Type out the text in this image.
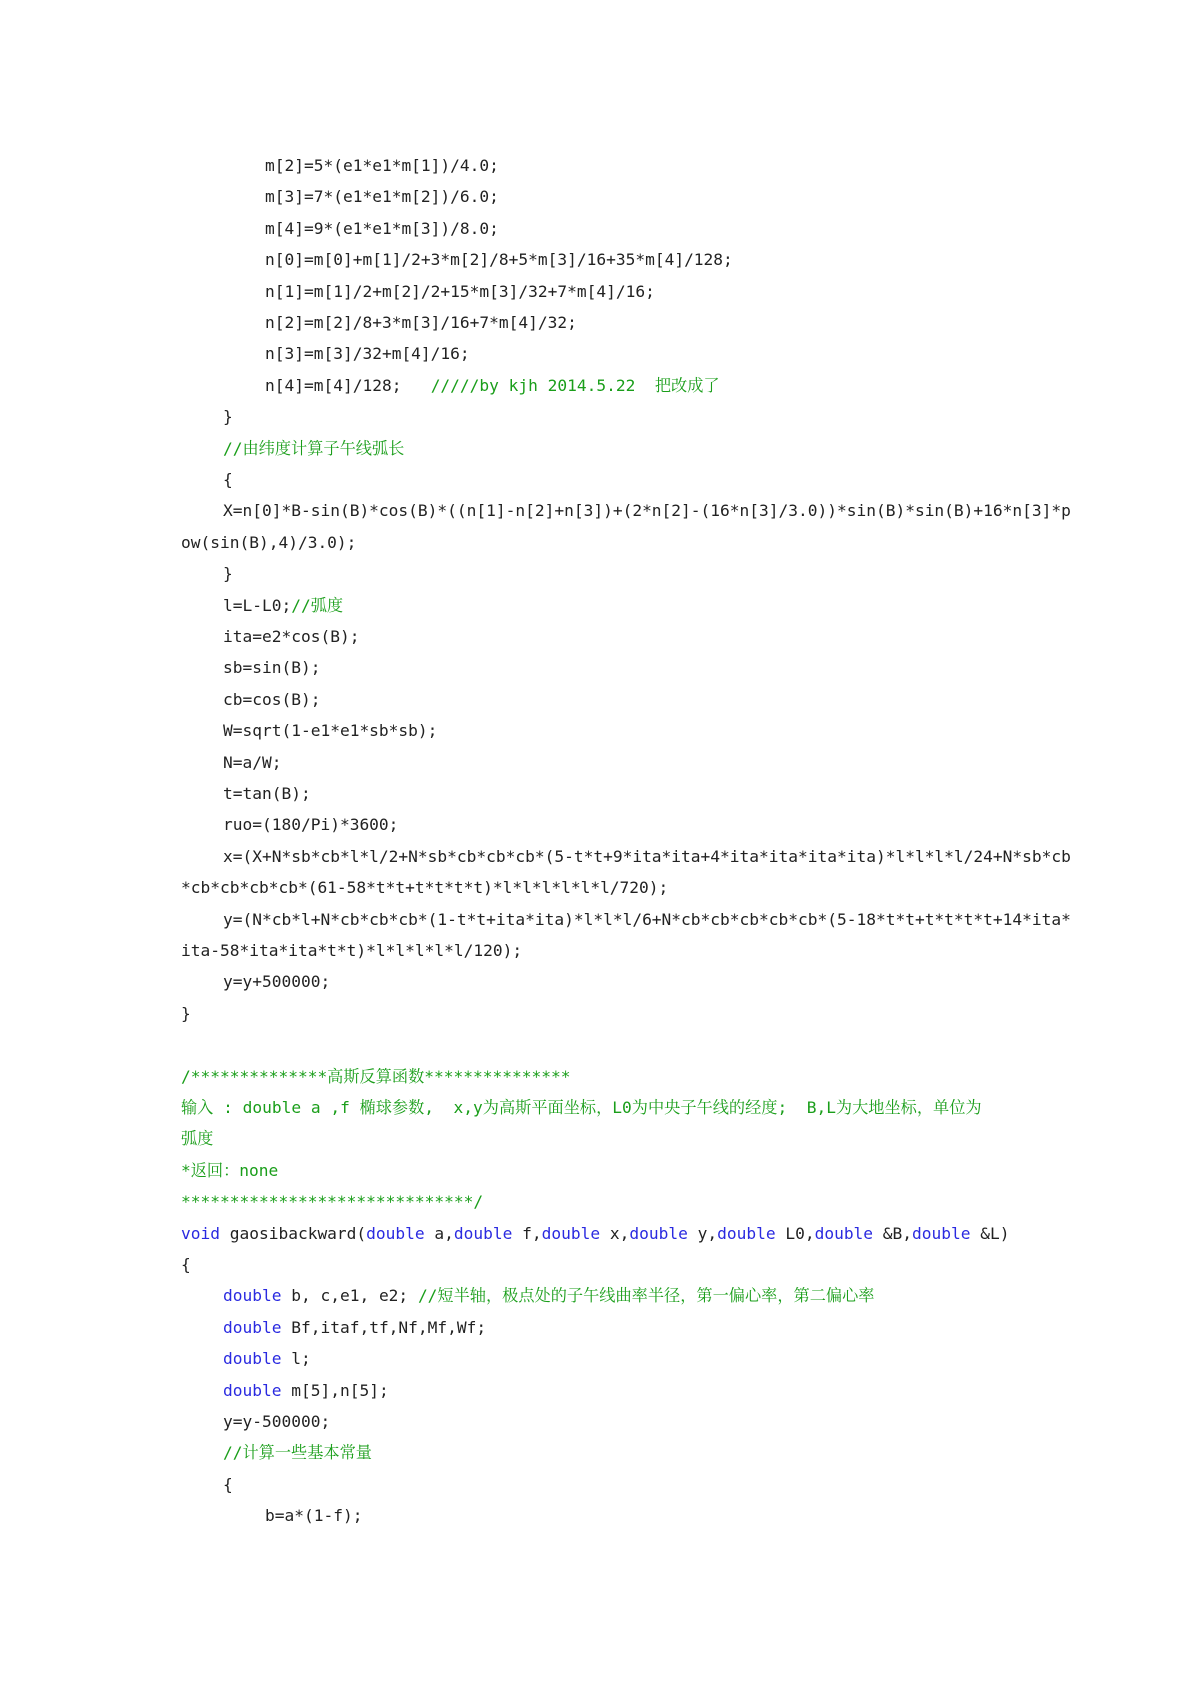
m[2]=5*(e1*e1*m[1])/4.0;
m[3]=7*(e1*e1*m[2])/6.0;
m[4]=9*(e1*e1*m[3])/8.0;
n[0]=m[0]+m[1]/2+3*m[2]/8+5*m[3]/16+35*m[4]/128;
n[1]=m[1]/2+m[2]/2+15*m[3]/32+7*m[4]/16;
n[2]=m[2]/8+3*m[3]/16+7*m[4]/32;
n[3]=m[3]/32+m[4]/16;
n[4]=m[4]/128;   /////by kjh 2014.5.22  把改成了
}
//由纬度计算子午线弧长
{
X=n[0]*B-sin(B)*cos(B)*((n[1]-n[2]+n[3])+(2*n[2]-(16*n[3]/3.0))*sin(B)*sin(B)+16*n[3]*p
ow(sin(B),4)/3.0);
}
l=L-L0;//弧度
ita=e2*cos(B);
sb=sin(B);
cb=cos(B);
W=sqrt(1-e1*e1*sb*sb);
N=a/W;
t=tan(B);
ruo=(180/Pi)*3600;
x=(X+N*sb*cb*l*l/2+N*sb*cb*cb*cb*(5-t*t+9*ita*ita+4*ita*ita*ita*ita)*l*l*l*l/24+N*sb*cb
*cb*cb*cb*cb*(61-58*t*t+t*t*t*t)*l*l*l*l*l*l/720);
y=(N*cb*l+N*cb*cb*cb*(1-t*t+ita*ita)*l*l*l/6+N*cb*cb*cb*cb*cb*(5-18*t*t+t*t*t*t+14*ita*
ita-58*ita*ita*t*t)*l*l*l*l*l/120);
y=y+500000;
}
/**************高斯反算函数***************
输入 : double a ,f 椭球参数,  x,y为高斯平面坐标，L0为中央子午线的经度;  B,L为大地坐标，单位为
弧度
*返回：none
******************************/
void gaosibackward(double a,double f,double x,double y,double L0,double &B,double &L)
{
double b, c,e1, e2; //短半轴，极点处的子午线曲率半径，第一偏心率，第二偏心率
double Bf,itaf,tf,Nf,Mf,Wf;
double l;
double m[5],n[5];
y=y-500000;
//计算一些基本常量
{
b=a*(1-f);
